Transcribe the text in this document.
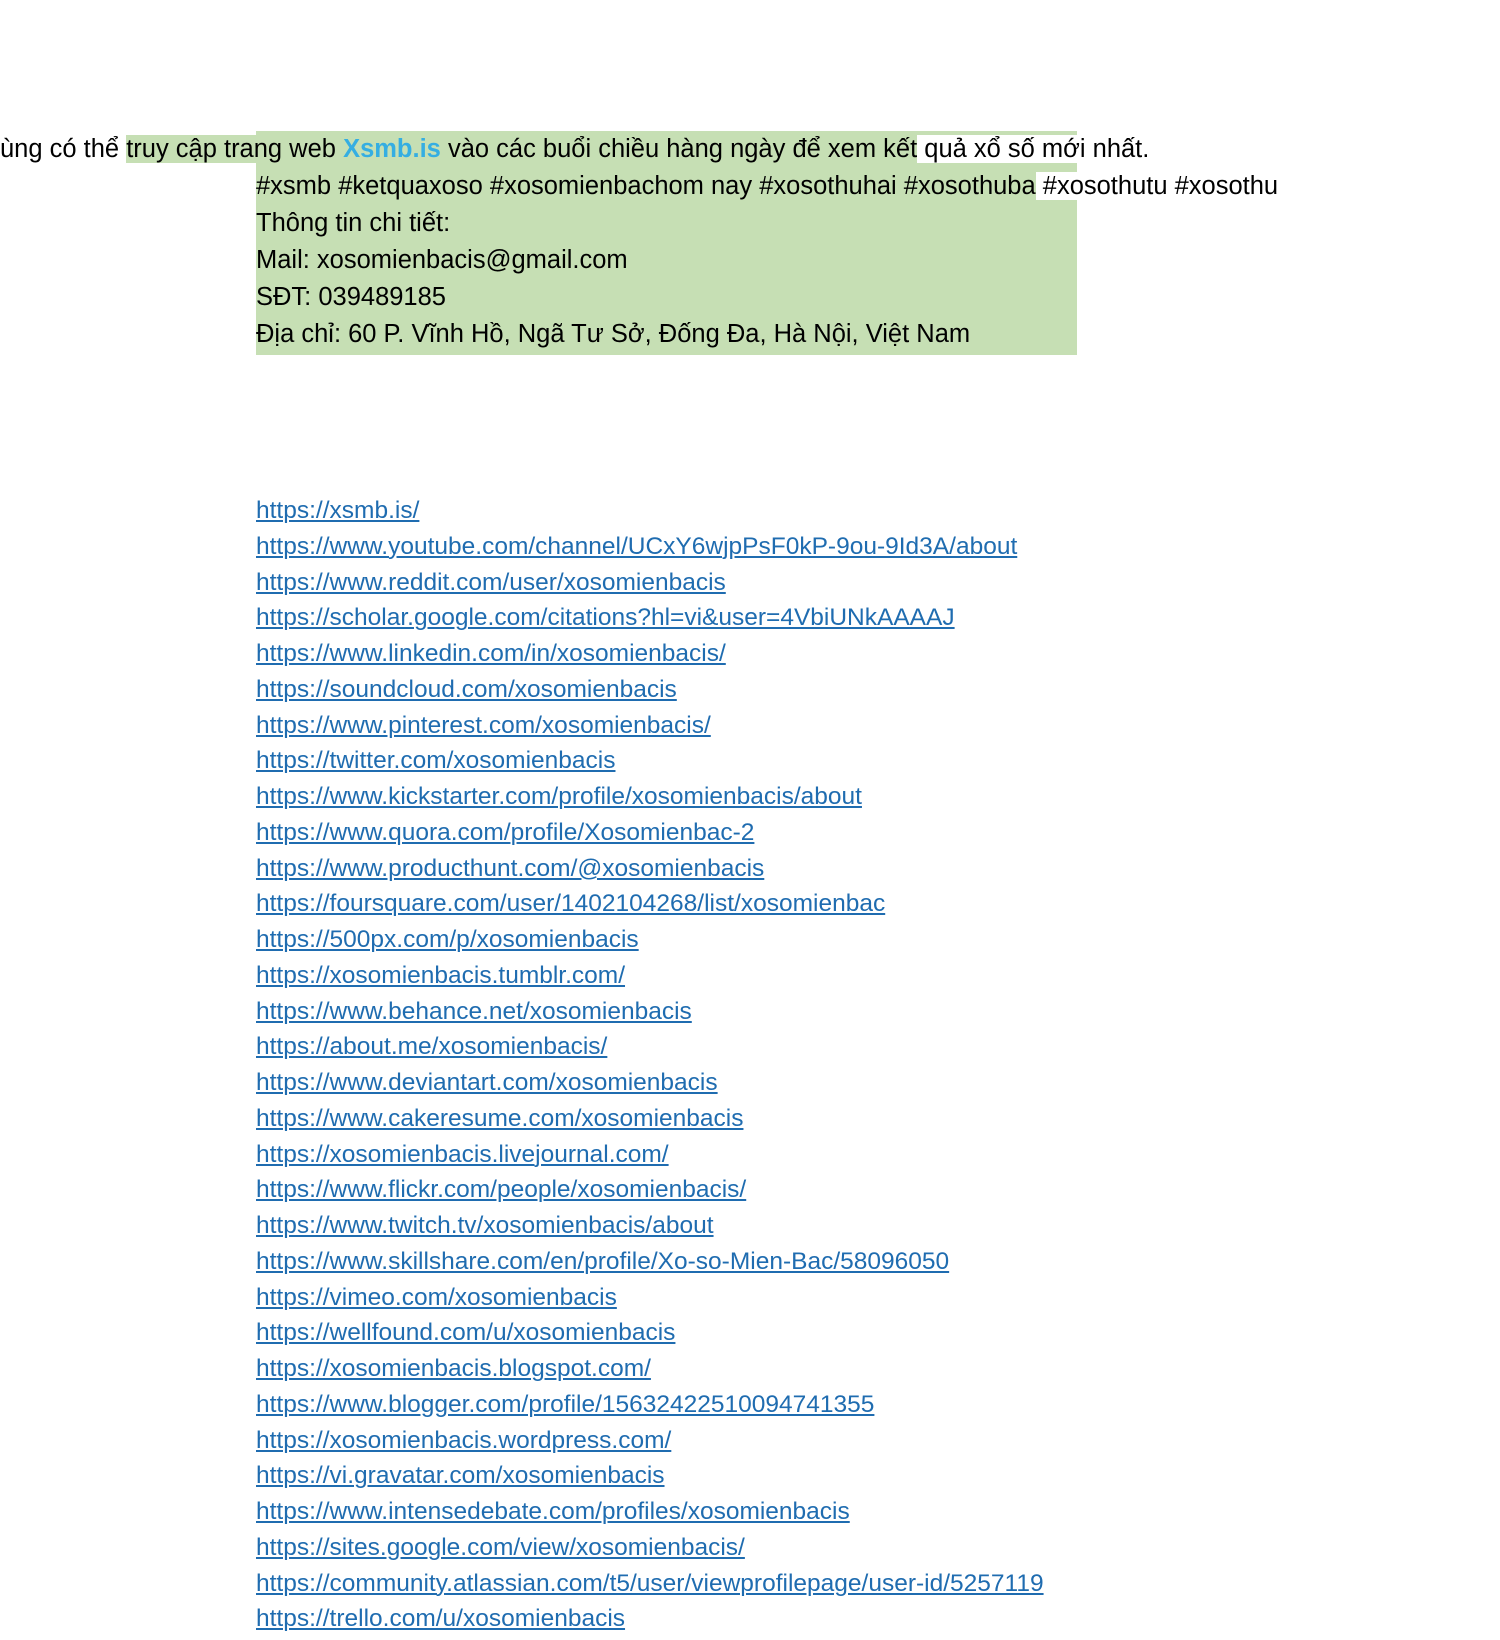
ùng có thể truy cập trang web Xsmb.is vào các buổi chiều hàng ngày để xem kết quả xổ số mới nhất.
#xsmb #ketquaxoso #xosomienbachom nay #xosothuhai #xosothuba #xosothutu #xosothu
Thông tin chi tiết:
Mail: xosomienbacis@gmail.com
SĐT: 039489185
Địa chỉ: 60 P. Vĩnh Hồ, Ngã Tư Sở, Đống Đa, Hà Nội, Việt Nam
https://xsmb.is/
https://www.youtube.com/channel/UCxY6wjpPsF0kP-9ou-9Id3A/about
https://www.reddit.com/user/xosomienbacis
https://scholar.google.com/citations?hl=vi&user=4VbiUNkAAAAJ
https://www.linkedin.com/in/xosomienbacis/
https://soundcloud.com/xosomienbacis
https://www.pinterest.com/xosomienbacis/
https://twitter.com/xosomienbacis
https://www.kickstarter.com/profile/xosomienbacis/about
https://www.quora.com/profile/Xosomienbac-2
https://www.producthunt.com/@xosomienbacis
https://foursquare.com/user/1402104268/list/xosomienbac
https://500px.com/p/xosomienbacis
https://xosomienbacis.tumblr.com/
https://www.behance.net/xosomienbacis
https://about.me/xosomienbacis/
https://www.deviantart.com/xosomienbacis
https://www.cakeresume.com/xosomienbacis
https://xosomienbacis.livejournal.com/
https://www.flickr.com/people/xosomienbacis/
https://www.twitch.tv/xosomienbacis/about
https://www.skillshare.com/en/profile/Xo-so-Mien-Bac/58096050
https://vimeo.com/xosomienbacis
https://wellfound.com/u/xosomienbacis
https://xosomienbacis.blogspot.com/
https://www.blogger.com/profile/15632422510094741355
https://xosomienbacis.wordpress.com/
https://vi.gravatar.com/xosomienbacis
https://www.intensedebate.com/profiles/xosomienbacis
https://sites.google.com/view/xosomienbacis/
https://community.atlassian.com/t5/user/viewprofilepage/user-id/5257119
https://trello.com/u/xosomienbacis
